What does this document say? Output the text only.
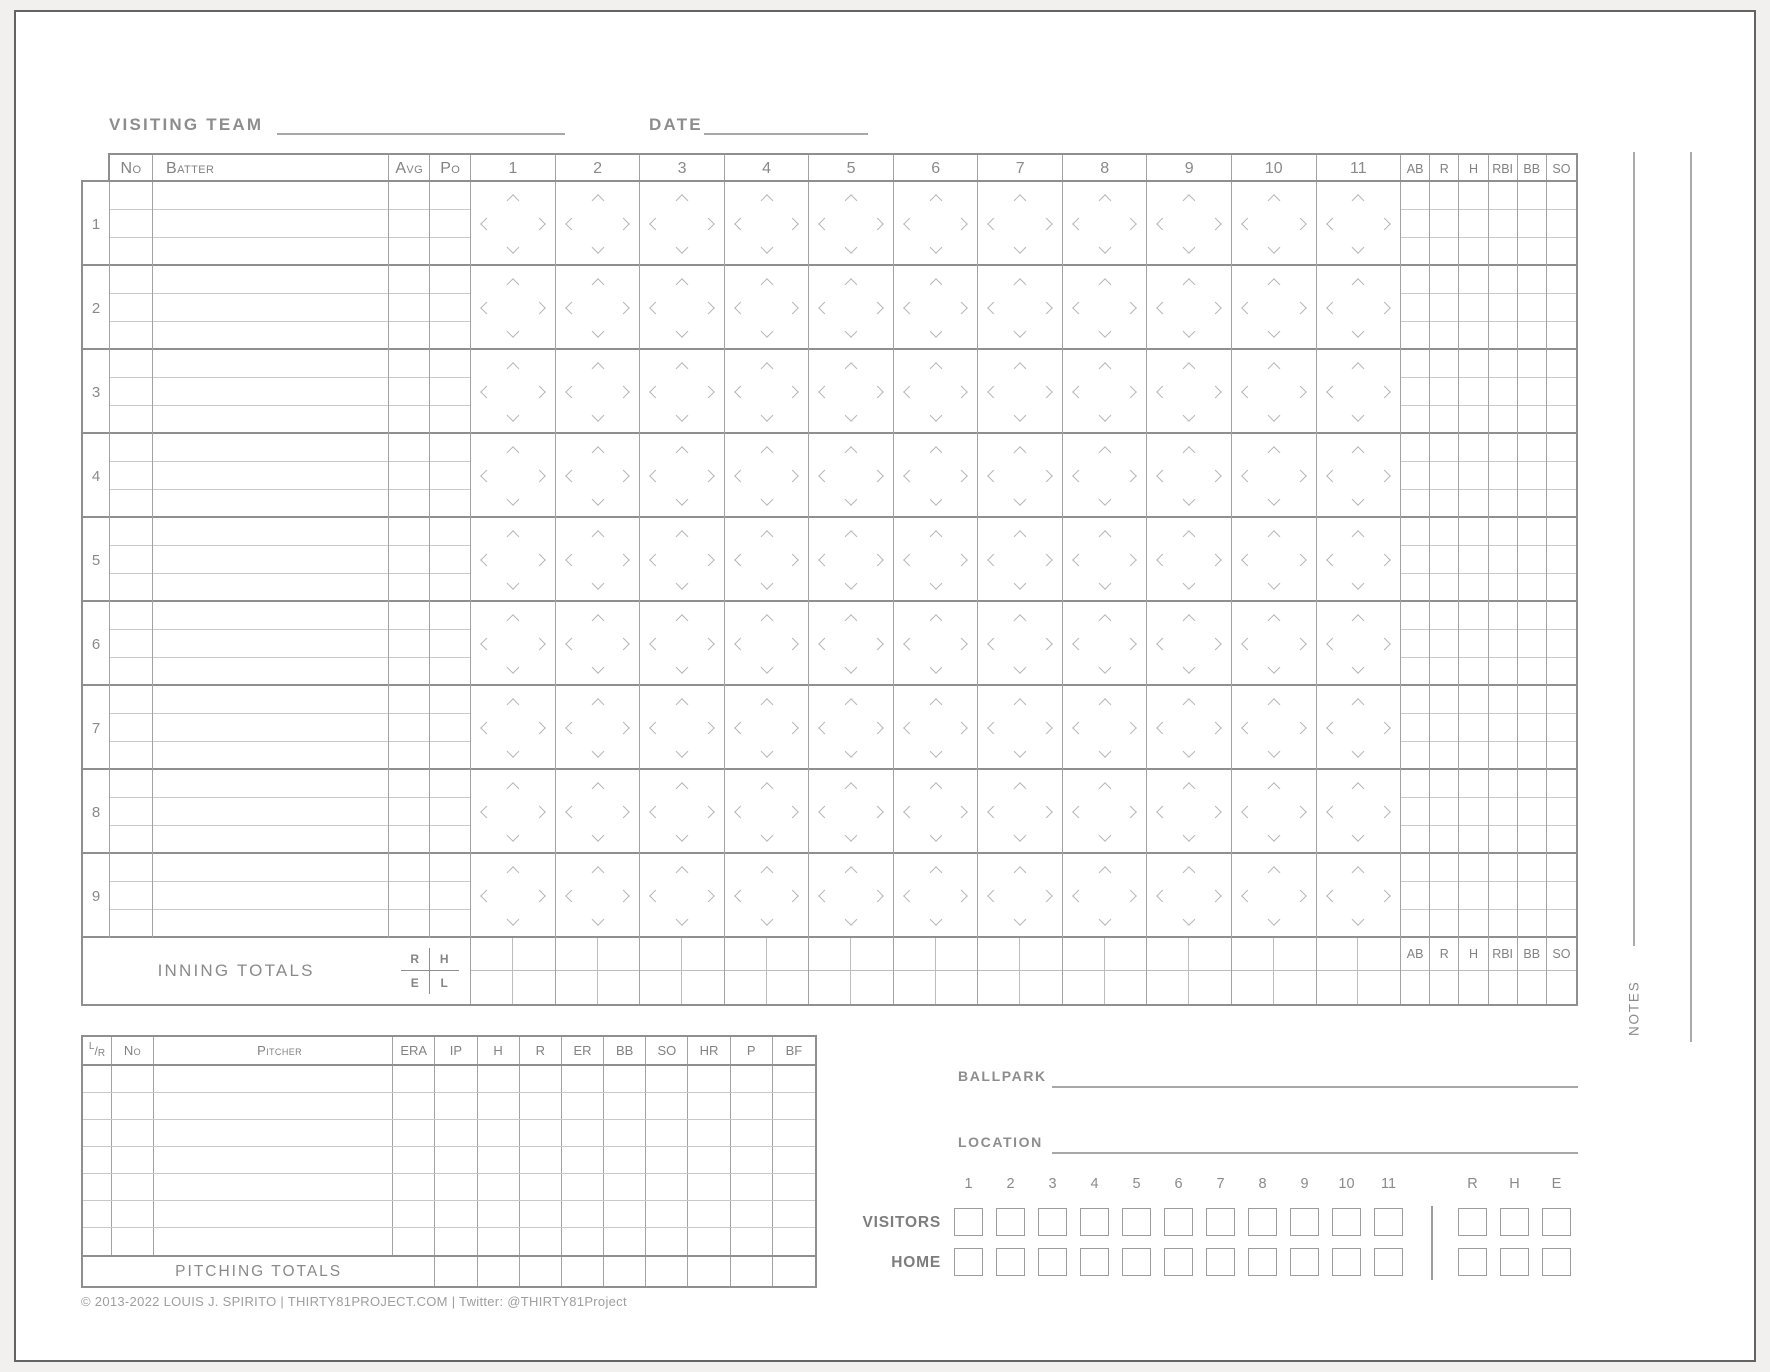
VISITING TEAM	DATE
No	Batter	Avg	Po	1	2	3	4	5	6	7	8	9	10	11	AB	R	H	RBI BB SO
1
2
3
4
5
6
7
8
9
INNING TOTALS
R	H
E	L
AB	R	H	RBI BB SO
NOTES
L / R	No	Pitcher	ERA	IP	H	R	ER	BB	SO	HR	P	BF
PITCHING TOTALS
BALLPARK
LOCATION
VISITORS
HOME
1	2	3	4	5	6	7	8	9	10	11	R	H	E
© 2013-2022 LOUIS J. SPIRITO | THIRTY81PROJECT.COM | Twitter: @THIRTY81Project
